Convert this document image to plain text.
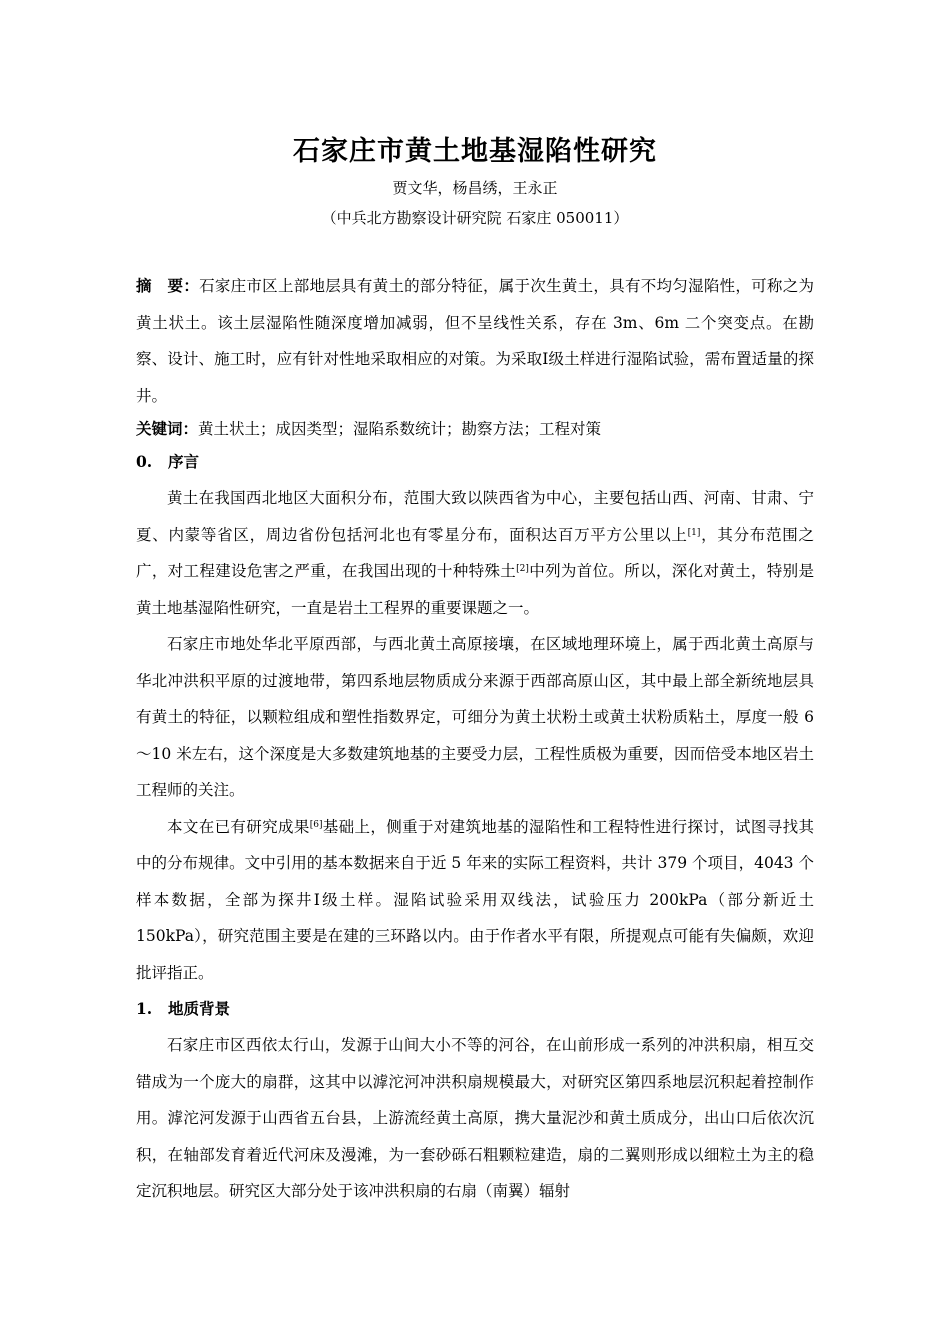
石家庄市黄土地基湿陷性研究
贾文华，杨昌绣，王永正
（中兵北方勘察设计研究院 石家庄 050011）

摘　要：石家庄市区上部地层具有黄土的部分特征，属于次生黄土，具有不均匀湿陷性，可称之为黄土状土。该土层湿陷性随深度增加减弱，但不呈线性关系，存在 3m、6m 二个突变点。在勘察、设计、施工时，应有针对性地采取相应的对策。为采取Ⅰ级土样进行湿陷试验，需布置适量的探井。

关键词：黄土状土；成因类型；湿陷系数统计；勘察方法；工程对策

0. 序言

黄土在我国西北地区大面积分布，范围大致以陕西省为中心，主要包括山西、河南、甘肃、宁夏、内蒙等省区，周边省份包括河北也有零星分布，面积达百万平方公里以上[1]，其分布范围之广，对工程建设危害之严重，在我国出现的十种特殊土[2]中列为首位。所以，深化对黄土，特别是黄土地基湿陷性研究，一直是岩土工程界的重要课题之一。

石家庄市地处华北平原西部，与西北黄土高原接壤，在区域地理环境上，属于西北黄土高原与华北冲洪积平原的过渡地带，第四系地层物质成分来源于西部高原山区，其中最上部全新统地层具有黄土的特征，以颗粒组成和塑性指数界定，可细分为黄土状粉土或黄土状粉质粘土，厚度一般 6～10 米左右，这个深度是大多数建筑地基的主要受力层，工程性质极为重要，因而倍受本地区岩土工程师的关注。

本文在已有研究成果[6]基础上，侧重于对建筑地基的湿陷性和工程特性进行探讨，试图寻找其中的分布规律。文中引用的基本数据来自于近 5 年来的实际工程资料，共计 379 个项目，4043 个样本数据，全部为探井Ⅰ级土样。湿陷试验采用双线法，试验压力 200kPa（部分新近土 150kPa），研究范围主要是在建的三环路以内。由于作者水平有限，所提观点可能有失偏颇，欢迎批评指正。

1. 地质背景

石家庄市区西依太行山，发源于山间大小不等的河谷，在山前形成一系列的冲洪积扇，相互交错成为一个庞大的扇群，这其中以滹沱河冲洪积扇规模最大，对研究区第四系地层沉积起着控制作用。滹沱河发源于山西省五台县，上游流经黄土高原，携大量泥沙和黄土质成分，出山口后依次沉积，在轴部发育着近代河床及漫滩，为一套砂砾石粗颗粒建造，扇的二翼则形成以细粒土为主的稳定沉积地层。研究区大部分处于该冲洪积扇的右扇（南翼）辐射
